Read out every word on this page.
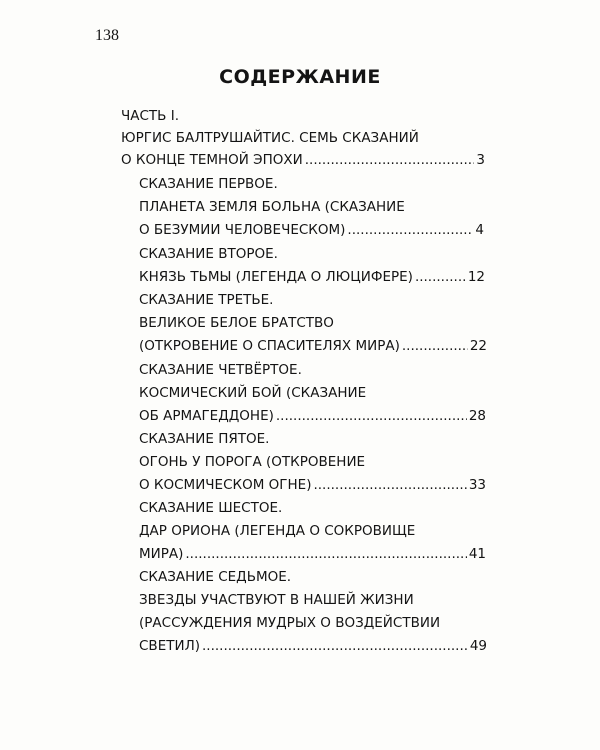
138
СОДЕРЖАНИЕ
ЧАСТЬ I.
ЮРГИС БАЛТРУШАЙТИС. СЕМЬ СКАЗАНИЙ
О КОНЦЕ ТЕМНОЙ ЭПОХИ .....	3
СКАЗАНИЕ ПЕРВОЕ.
ПЛАНЕТА ЗЕМЛЯ БОЛЬНА (СКАЗАНИЕ
О БЕЗУМИИ ЧЕЛОВЕЧЕСКОМ) .....	4
СКАЗАНИЕ ВТОРОЕ.
КНЯЗЬ ТЬМЫ (ЛЕГЕНДА О ЛЮЦИФЕРЕ) .....	12
СКАЗАНИЕ ТРЕТЬЕ.
ВЕЛИКОЕ БЕЛОЕ БРАТСТВО
(ОТКРОВЕНИЕ О СПАСИТЕЛЯХ МИРА) .....	22
СКАЗАНИЕ ЧЕТВЁРТОЕ.
КОСМИЧЕСКИЙ БОЙ (СКАЗАНИЕ
ОБ АРМАГЕДДОНЕ) .....	28
СКАЗАНИЕ ПЯТОЕ.
ОГОНЬ У ПОРОГА (ОТКРОВЕНИЕ
О КОСМИЧЕСКОМ ОГНЕ) .....	33
СКАЗАНИЕ ШЕСТОЕ.
ДАР ОРИОНА (ЛЕГЕНДА О СОКРОВИЩЕ
МИРА) .....	41
СКАЗАНИЕ СЕДЬМОЕ.
ЗВЕЗДЫ УЧАСТВУЮТ В НАШЕЙ ЖИЗНИ
(РАССУЖДЕНИЯ МУДРЫХ О ВОЗДЕЙСТВИИ
СВЕТИЛ) .....	49
